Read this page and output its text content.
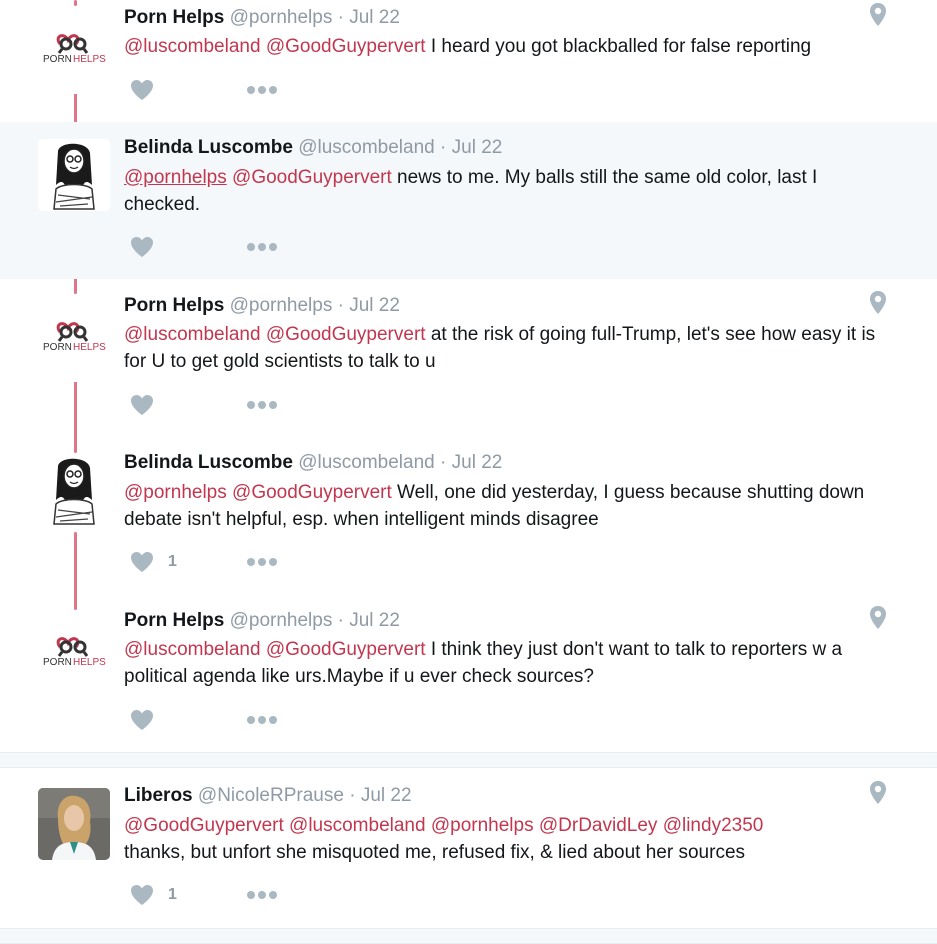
PORN HELPS
Porn Helps @pornhelps · Jul 22
@luscombeland @GoodGuypervert I heard you got blackballed for false reporting
Belinda Luscombe @luscombeland · Jul 22
@pornhelps @GoodGuypervert news to me. My balls still the same old color, last I checked.
PORN HELPS
Porn Helps @pornhelps · Jul 22
@luscombeland @GoodGuypervert at the risk of going full-Trump, let's see how easy it is for U to get gold scientists to talk to u
Belinda Luscombe @luscombeland · Jul 22
@pornhelps @GoodGuypervert Well, one did yesterday, I guess because shutting down debate isn't helpful, esp. when intelligent minds disagree
1
PORN HELPS
Porn Helps @pornhelps · Jul 22
@luscombeland @GoodGuypervert I think they just don't want to talk to reporters w a political agenda like urs.Maybe if u ever check sources?
Liberos @NicoleRPrause · Jul 22
@GoodGuypervert @luscombeland @pornhelps @DrDavidLey @lindy2350
thanks, but unfort she misquoted me, refused fix, & lied about her sources
1
